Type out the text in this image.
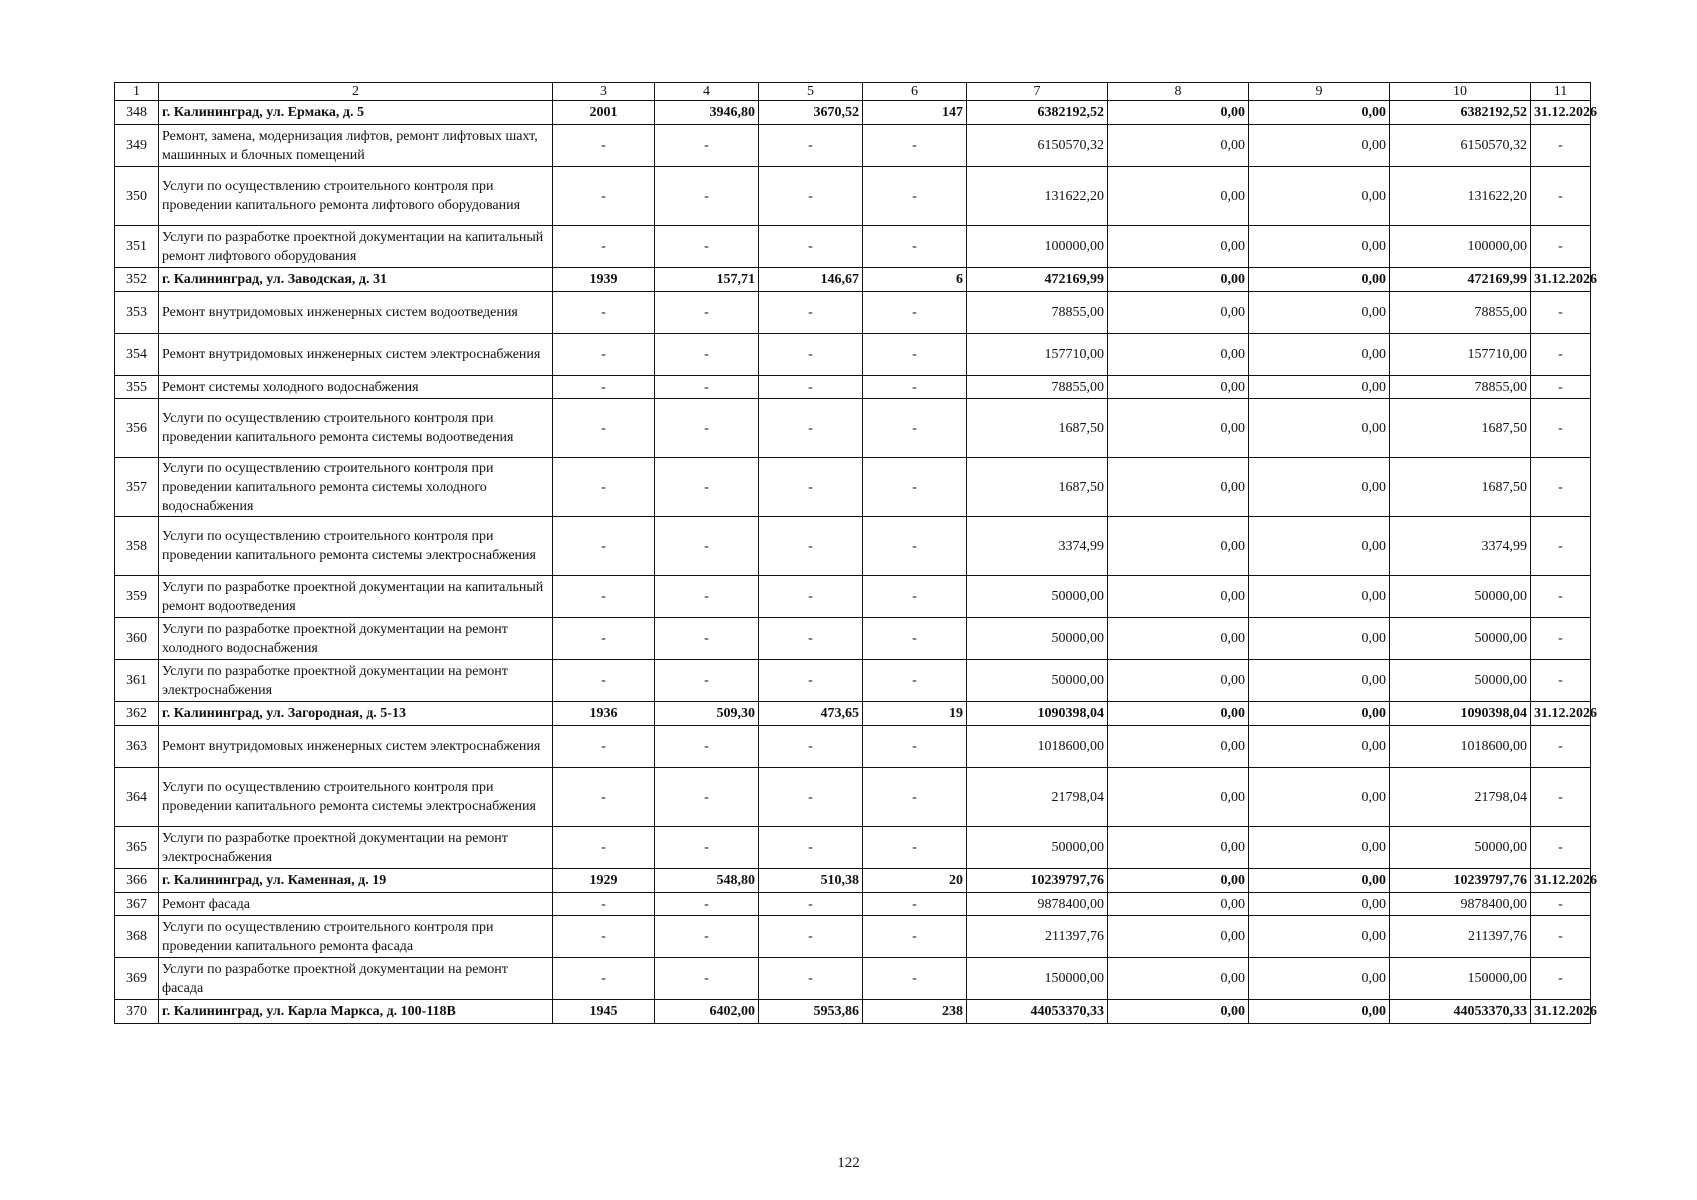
1	2	3	4	5	6	7	8	9	10	11
348	г. Калининград, ул. Ермака, д. 5	2001	3946,80	3670,52	147	6382192,52	0,00	0,00	6382192,52	31.12.2026
349	Ремонт, замена, модернизация лифтов, ремонт лифтовых шахт, машинных и блочных помещений	-	-	-	-	6150570,32	0,00	0,00	6150570,32	-
350	Услуги по осуществлению строительного контроля при проведении капитального ремонта лифтового оборудования	-	-	-	-	131622,20	0,00	0,00	131622,20	-
351	Услуги по разработке проектной документации на капитальный ремонт лифтового оборудования	-	-	-	-	100000,00	0,00	0,00	100000,00	-
352	г. Калининград, ул. Заводская, д. 31	1939	157,71	146,67	6	472169,99	0,00	0,00	472169,99	31.12.2026
353	Ремонт внутридомовых инженерных систем водоотведения	-	-	-	-	78855,00	0,00	0,00	78855,00	-
354	Ремонт внутридомовых инженерных систем электроснабжения	-	-	-	-	157710,00	0,00	0,00	157710,00	-
355	Ремонт системы холодного водоснабжения	-	-	-	-	78855,00	0,00	0,00	78855,00	-
356	Услуги по осуществлению строительного контроля при проведении капитального ремонта системы водоотведения	-	-	-	-	1687,50	0,00	0,00	1687,50	-
357	Услуги по осуществлению строительного контроля при проведении капитального ремонта системы холодного водоснабжения	-	-	-	-	1687,50	0,00	0,00	1687,50	-
358	Услуги по осуществлению строительного контроля при проведении капитального ремонта системы электроснабжения	-	-	-	-	3374,99	0,00	0,00	3374,99	-
359	Услуги по разработке проектной документации на капитальный ремонт водоотведения	-	-	-	-	50000,00	0,00	0,00	50000,00	-
360	Услуги по разработке проектной документации на ремонт холодного водоснабжения	-	-	-	-	50000,00	0,00	0,00	50000,00	-
361	Услуги по разработке проектной документации на ремонт электроснабжения	-	-	-	-	50000,00	0,00	0,00	50000,00	-
362	г. Калининград, ул. Загородная, д. 5-13	1936	509,30	473,65	19	1090398,04	0,00	0,00	1090398,04	31.12.2026
363	Ремонт внутридомовых инженерных систем электроснабжения	-	-	-	-	1018600,00	0,00	0,00	1018600,00	-
364	Услуги по осуществлению строительного контроля при проведении капитального ремонта системы электроснабжения	-	-	-	-	21798,04	0,00	0,00	21798,04	-
365	Услуги по разработке проектной документации на ремонт электроснабжения	-	-	-	-	50000,00	0,00	0,00	50000,00	-
366	г. Калининград, ул. Каменная, д. 19	1929	548,80	510,38	20	10239797,76	0,00	0,00	10239797,76	31.12.2026
367	Ремонт фасада	-	-	-	-	9878400,00	0,00	0,00	9878400,00	-
368	Услуги по осуществлению строительного контроля при проведении капитального ремонта фасада	-	-	-	-	211397,76	0,00	0,00	211397,76	-
369	Услуги по разработке проектной документации на ремонт фасада	-	-	-	-	150000,00	0,00	0,00	150000,00	-
370	г. Калининград, ул. Карла Маркса, д. 100-118В	1945	6402,00	5953,86	238	44053370,33	0,00	0,00	44053370,33	31.12.2026
122
